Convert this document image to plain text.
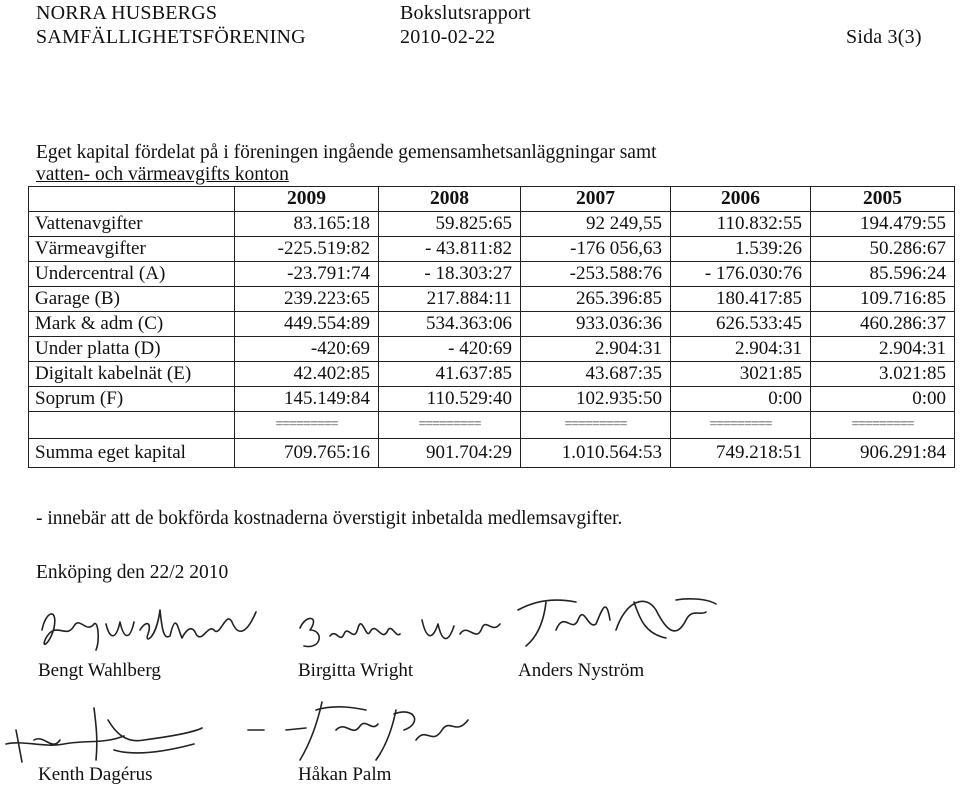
NORRA HUSBERGS
SAMFÄLLIGHETSFÖRENING
Bokslutsrapport
2010-02-22	Sida 3(3)
Eget kapital fördelat på i föreningen ingående gemensamhetsanläggningar samt
vatten- och värmeavgifts konton
	2009	2008	2007	2006	2005
Vattenavgifter	83.165:18	59.825:65	92 249,55	110.832:55	194.479:55
Värmeavgifter	-225.519:82	- 43.811:82	-176 056,63	1.539:26	50.286:67
Undercentral (A)	-23.791:74	- 18.303:27	-253.588:76	- 176.030:76	85.596:24
Garage (B)	239.223:65	217.884:11	265.396:85	180.417:85	109.716:85
Mark & adm (C)	449.554:89	534.363:06	933.036:36	626.533:45	460.286:37
Under platta (D)	-420:69	- 420:69	2.904:31	2.904:31	2.904:31
Digitalt kabelnät (E)	42.402:85	41.637:85	43.687:35	3021:85	3.021:85
Soprum (F)	145.149:84	110.529:40	102.935:50	0:00	0:00
	=========	=========	=========	=========	=========
Summa eget kapital	709.765:16	901.704:29	1.010.564:53	749.218:51	906.291:84
- innebär att de bokförda kostnaderna överstigit inbetalda medlemsavgifter.
Enköping den 22/2 2010
Bengt Wahlberg	Birgitta Wright	Anders Nyström
Kenth Dagérus	Håkan Palm
